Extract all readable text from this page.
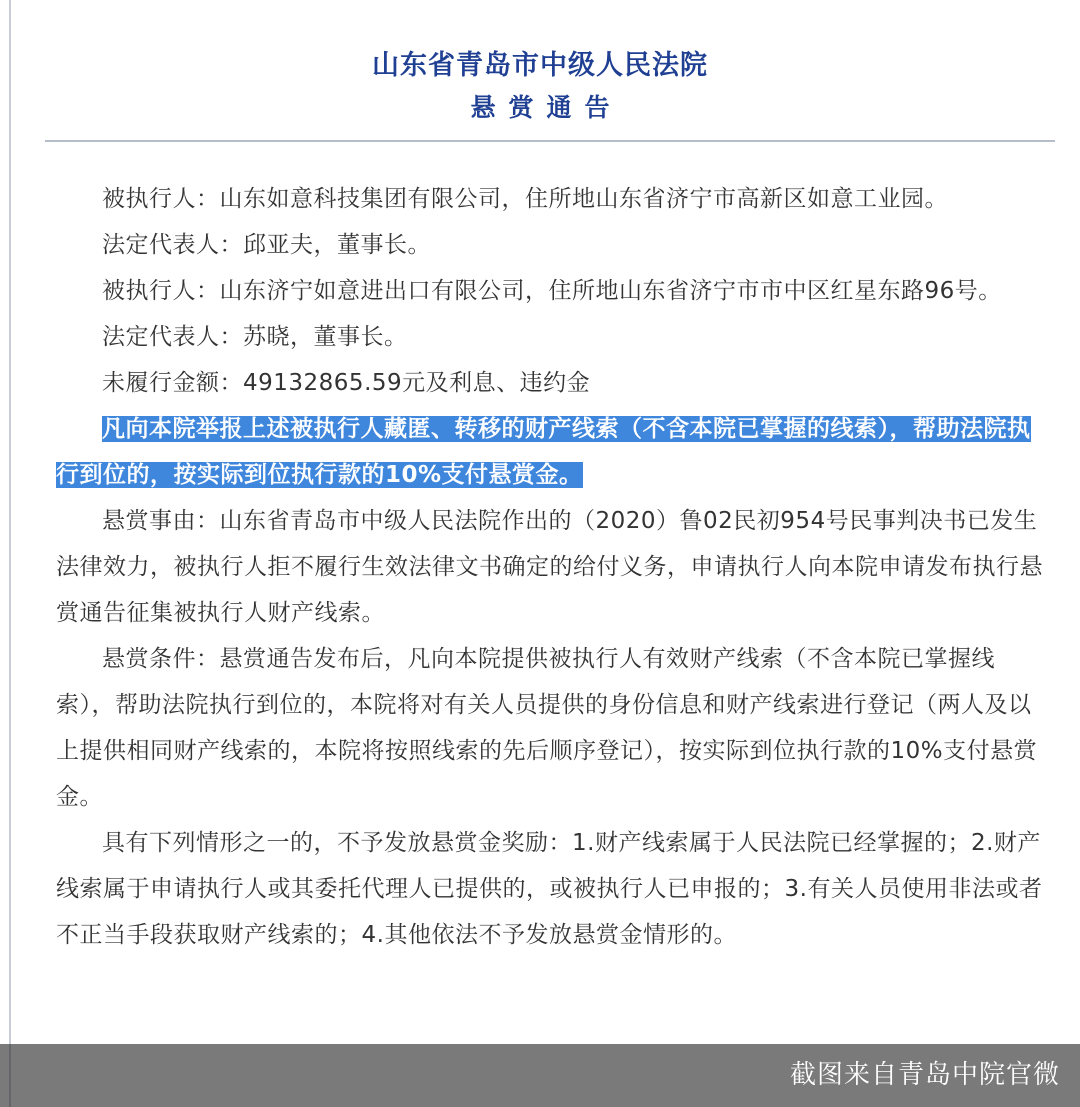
山东省青岛市中级人民法院
悬赏通告

被执行人：山东如意科技集团有限公司，住所地山东省济宁市高新区如意工业园。

法定代表人：邱亚夫，董事长。

被执行人：山东济宁如意进出口有限公司，住所地山东省济宁市市中区红星东路96号。

法定代表人：苏晓，董事长。

未履行金额：49132865.59元及利息、违约金

凡向本院举报上述被执行人藏匿、转移的财产线索（不含本院已掌握的线索），帮助法院执行到位的，按实际到位执行款的10%支付悬赏金。

悬赏事由：山东省青岛市中级人民法院作出的（2020）鲁02民初954号民事判决书已发生法律效力，被执行人拒不履行生效法律文书确定的给付义务，申请执行人向本院申请发布执行悬赏通告征集被执行人财产线索。

悬赏条件：悬赏通告发布后，凡向本院提供被执行人有效财产线索（不含本院已掌握线索），帮助法院执行到位的，本院将对有关人员提供的身份信息和财产线索进行登记（两人及以上提供相同财产线索的，本院将按照线索的先后顺序登记），按实际到位执行款的10%支付悬赏金。

具有下列情形之一的，不予发放悬赏金奖励：1.财产线索属于人民法院已经掌握的；2.财产线索属于申请执行人或其委托代理人已提供的，或被执行人已申报的；3.有关人员使用非法或者不正当手段获取财产线索的；4.其他依法不予发放悬赏金情形的。

截图来自青岛中院官微
